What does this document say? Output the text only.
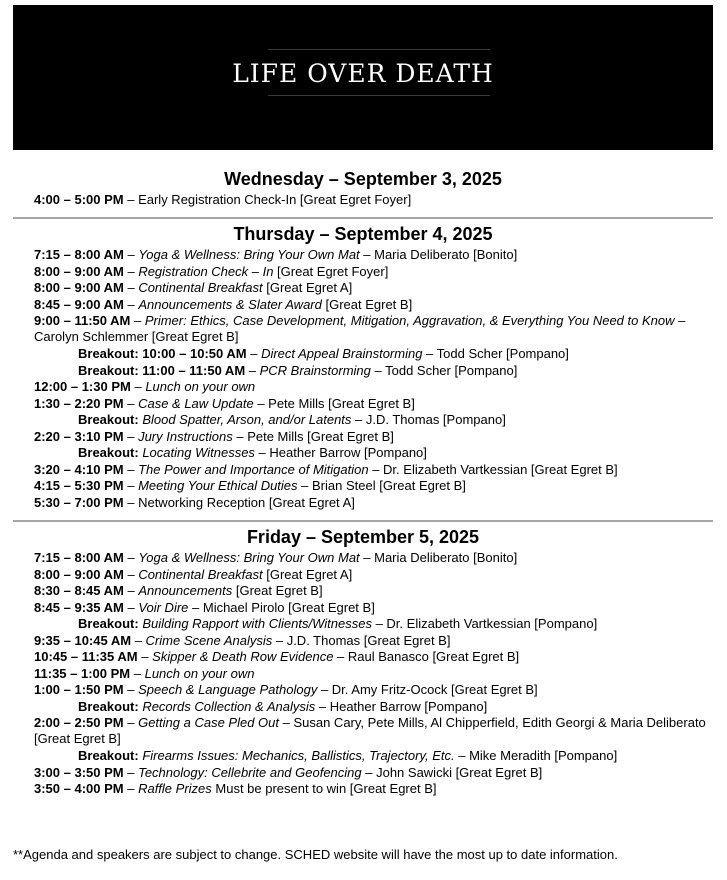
LIFE OVER DEATH
Wednesday – September 3, 2025
4:00 – 5:00 PM – Early Registration Check-In [Great Egret Foyer]
Thursday – September 4, 2025
7:15 – 8:00 AM – Yoga & Wellness: Bring Your Own Mat – Maria Deliberato [Bonito]
8:00 – 9:00 AM – Registration Check – In [Great Egret Foyer]
8:00 – 9:00 AM – Continental Breakfast [Great Egret A]
8:45 – 9:00 AM – Announcements & Slater Award [Great Egret B]
9:00 – 11:50 AM – Primer: Ethics, Case Development, Mitigation, Aggravation, & Everything You Need to Know – Carolyn Schlemmer [Great Egret B]
Breakout: 10:00 – 10:50 AM – Direct Appeal Brainstorming – Todd Scher [Pompano]
Breakout: 11:00 – 11:50 AM – PCR Brainstorming – Todd Scher [Pompano]
12:00 – 1:30 PM – Lunch on your own
1:30 – 2:20 PM – Case & Law Update – Pete Mills [Great Egret B]
Breakout: Blood Spatter, Arson, and/or Latents – J.D. Thomas [Pompano]
2:20 – 3:10 PM – Jury Instructions – Pete Mills [Great Egret B]
Breakout: Locating Witnesses – Heather Barrow [Pompano]
3:20 – 4:10 PM – The Power and Importance of Mitigation – Dr. Elizabeth Vartkessian [Great Egret B]
4:15 – 5:30 PM – Meeting Your Ethical Duties – Brian Steel [Great Egret B]
5:30 – 7:00 PM – Networking Reception [Great Egret A]
Friday – September 5, 2025
7:15 – 8:00 AM – Yoga & Wellness: Bring Your Own Mat – Maria Deliberato [Bonito]
8:00 – 9:00 AM – Continental Breakfast [Great Egret A]
8:30 – 8:45 AM – Announcements [Great Egret B]
8:45 – 9:35 AM – Voir Dire – Michael Pirolo [Great Egret B]
Breakout: Building Rapport with Clients/Witnesses – Dr. Elizabeth Vartkessian [Pompano]
9:35 – 10:45 AM – Crime Scene Analysis – J.D. Thomas [Great Egret B]
10:45 – 11:35 AM – Skipper & Death Row Evidence – Raul Banasco [Great Egret B]
11:35 – 1:00 PM – Lunch on your own
1:00 – 1:50 PM – Speech & Language Pathology – Dr. Amy Fritz-Ocock [Great Egret B]
Breakout: Records Collection & Analysis – Heather Barrow [Pompano]
2:00 – 2:50 PM – Getting a Case Pled Out – Susan Cary, Pete Mills, Al Chipperfield, Edith Georgi & Maria Deliberato [Great Egret B]
Breakout: Firearms Issues: Mechanics, Ballistics, Trajectory, Etc. – Mike Meradith [Pompano]
3:00 – 3:50 PM – Technology: Cellebrite and Geofencing – John Sawicki [Great Egret B]
3:50 – 4:00 PM – Raffle Prizes Must be present to win [Great Egret B]
**Agenda and speakers are subject to change. SCHED website will have the most up to date information.
